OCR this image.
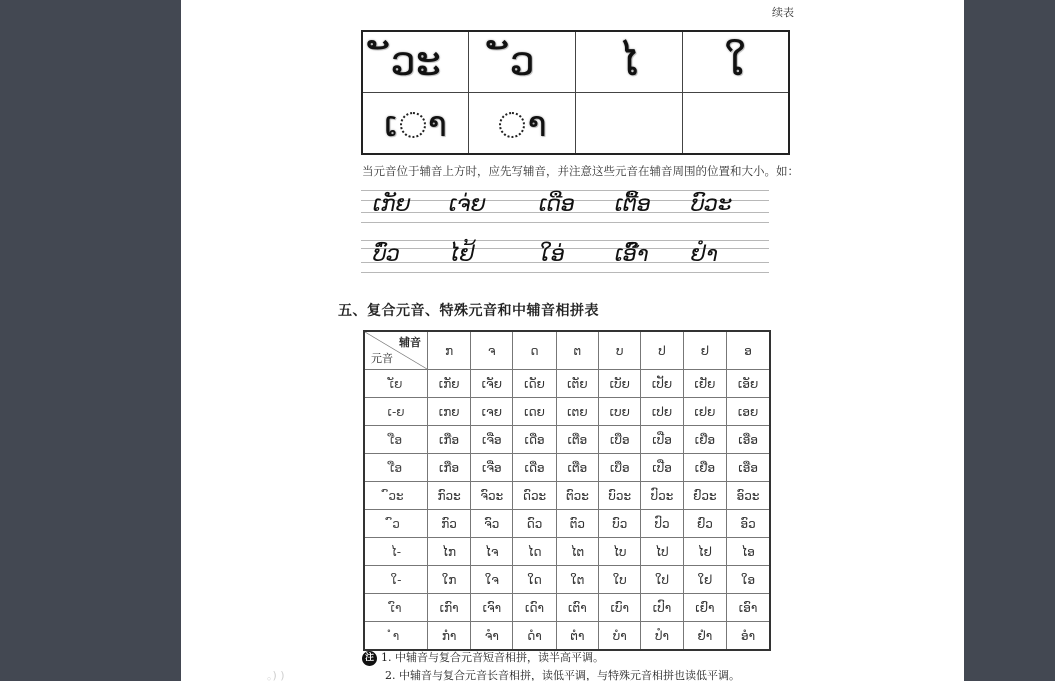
续表
ັວະ	ັວ	ໄ	ໃ
ເ າ	າ		
当元音位于辅音上方时，应先写辅音，并注意这些元音在辅音周围的位置和大小。如：
ເກັຍ	ເຈ່ຍ	ເດືອ	ເຕື້ອ	ບົວະ
ບົ່ວ	ໄຢ້	ໃອ່	ເອົ໊າ	ຢຳ
五、复合元音、特殊元音和中辅音相拼表
辅音
元音	ກ	ຈ	ດ	ຕ	ບ	ປ	ຢ	ອ
ເັຍ	ເກັຍ	ເຈັຍ	ເດັຍ	ເຕັຍ	ເບັຍ	ເປັຍ	ເຢັຍ	ເອັຍ
ເ-ຍ	ເກຍ	ເຈຍ	ເດຍ	ເຕຍ	ເບຍ	ເປຍ	ເຢຍ	ເອຍ
ເືອ	ເກືອ	ເຈືອ	ເດືອ	ເຕືອ	ເບືອ	ເປືອ	ເຢືອ	ເອືອ
ເືອ	ເກືອ	ເຈືອ	ເດືອ	ເຕືອ	ເບືອ	ເປືອ	ເຢືອ	ເອືອ
ົວະ	ກົວະ	ຈົວະ	ດົວະ	ຕົວະ	ບົວະ	ປົວະ	ຢົວະ	ອົວະ
ົວ	ກົວ	ຈົວ	ດົວ	ຕົວ	ບົວ	ປົວ	ຢົວ	ອົວ
ໄ-	ໄກ	ໄຈ	ໄດ	ໄຕ	ໄບ	ໄປ	ໄຢ	ໄອ
ໃ-	ໃກ	ໃຈ	ໃດ	ໃຕ	ໃບ	ໃປ	ໃຢ	ໃອ
ເົາ	ເກົາ	ເຈົາ	ເດົາ	ເຕົາ	ເບົາ	ເປົາ	ເຢົາ	ເອົາ
ຳ	ກຳ	ຈຳ	ດຳ	ຕຳ	ບຳ	ປຳ	ຢຳ	ອຳ
注 1. 中辅音与复合元音短音相拼，读半高平调。
2. 中辅音与复合元音长音相拼，读低平调，与特殊元音相拼也读低平调。
。) )
